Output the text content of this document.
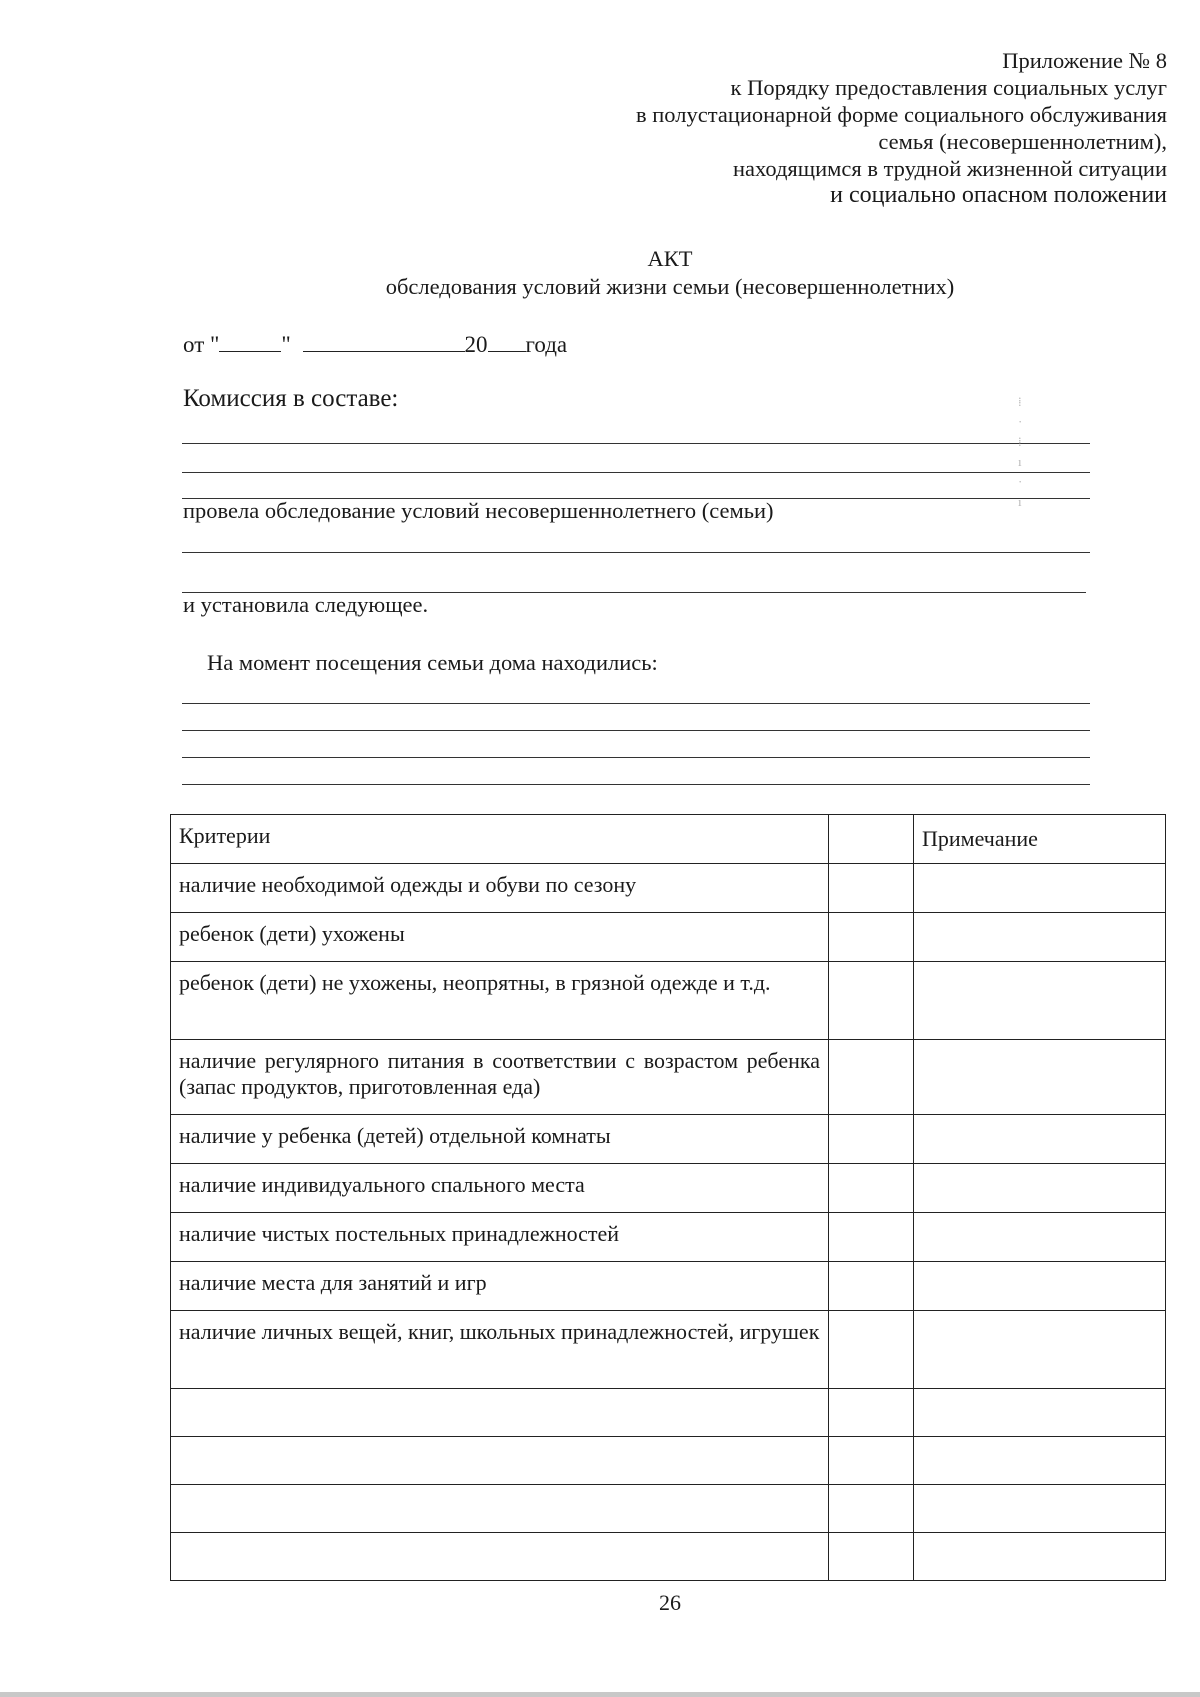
Приложение № 8
к Порядку предоставления социальных услуг
в полустационарной форме социального обслуживания
семья (несовершеннолетним),
находящимся в трудной жизненной ситуации
и социально опасном положении
АКТ
обследования условий жизни семьи (несовершеннолетних)
от "	"	20 года
Комиссия в составе:
провела обследование условий несовершеннолетнего (семьи)
и установила следующее.
На момент посещения семьи дома находились:
⁞
·
⁞
ı
·
ı
Критерии		Примечание
наличие необходимой одежды и обуви по сезону		
ребенок (дети) ухожены		
ребенок (дети) не ухожены, неопрятны, в грязной одежде и т.д.		
наличие регулярного питания в соответствии с возрастом ребенка (запас продуктов, приготовленная еда)		
наличие у ребенка (детей) отдельной комнаты		
наличие индивидуального спального места		
наличие чистых постельных принадлежностей		
наличие места для занятий и игр		
наличие личных вещей, книг, школьных принадлежностей, игрушек		

26
